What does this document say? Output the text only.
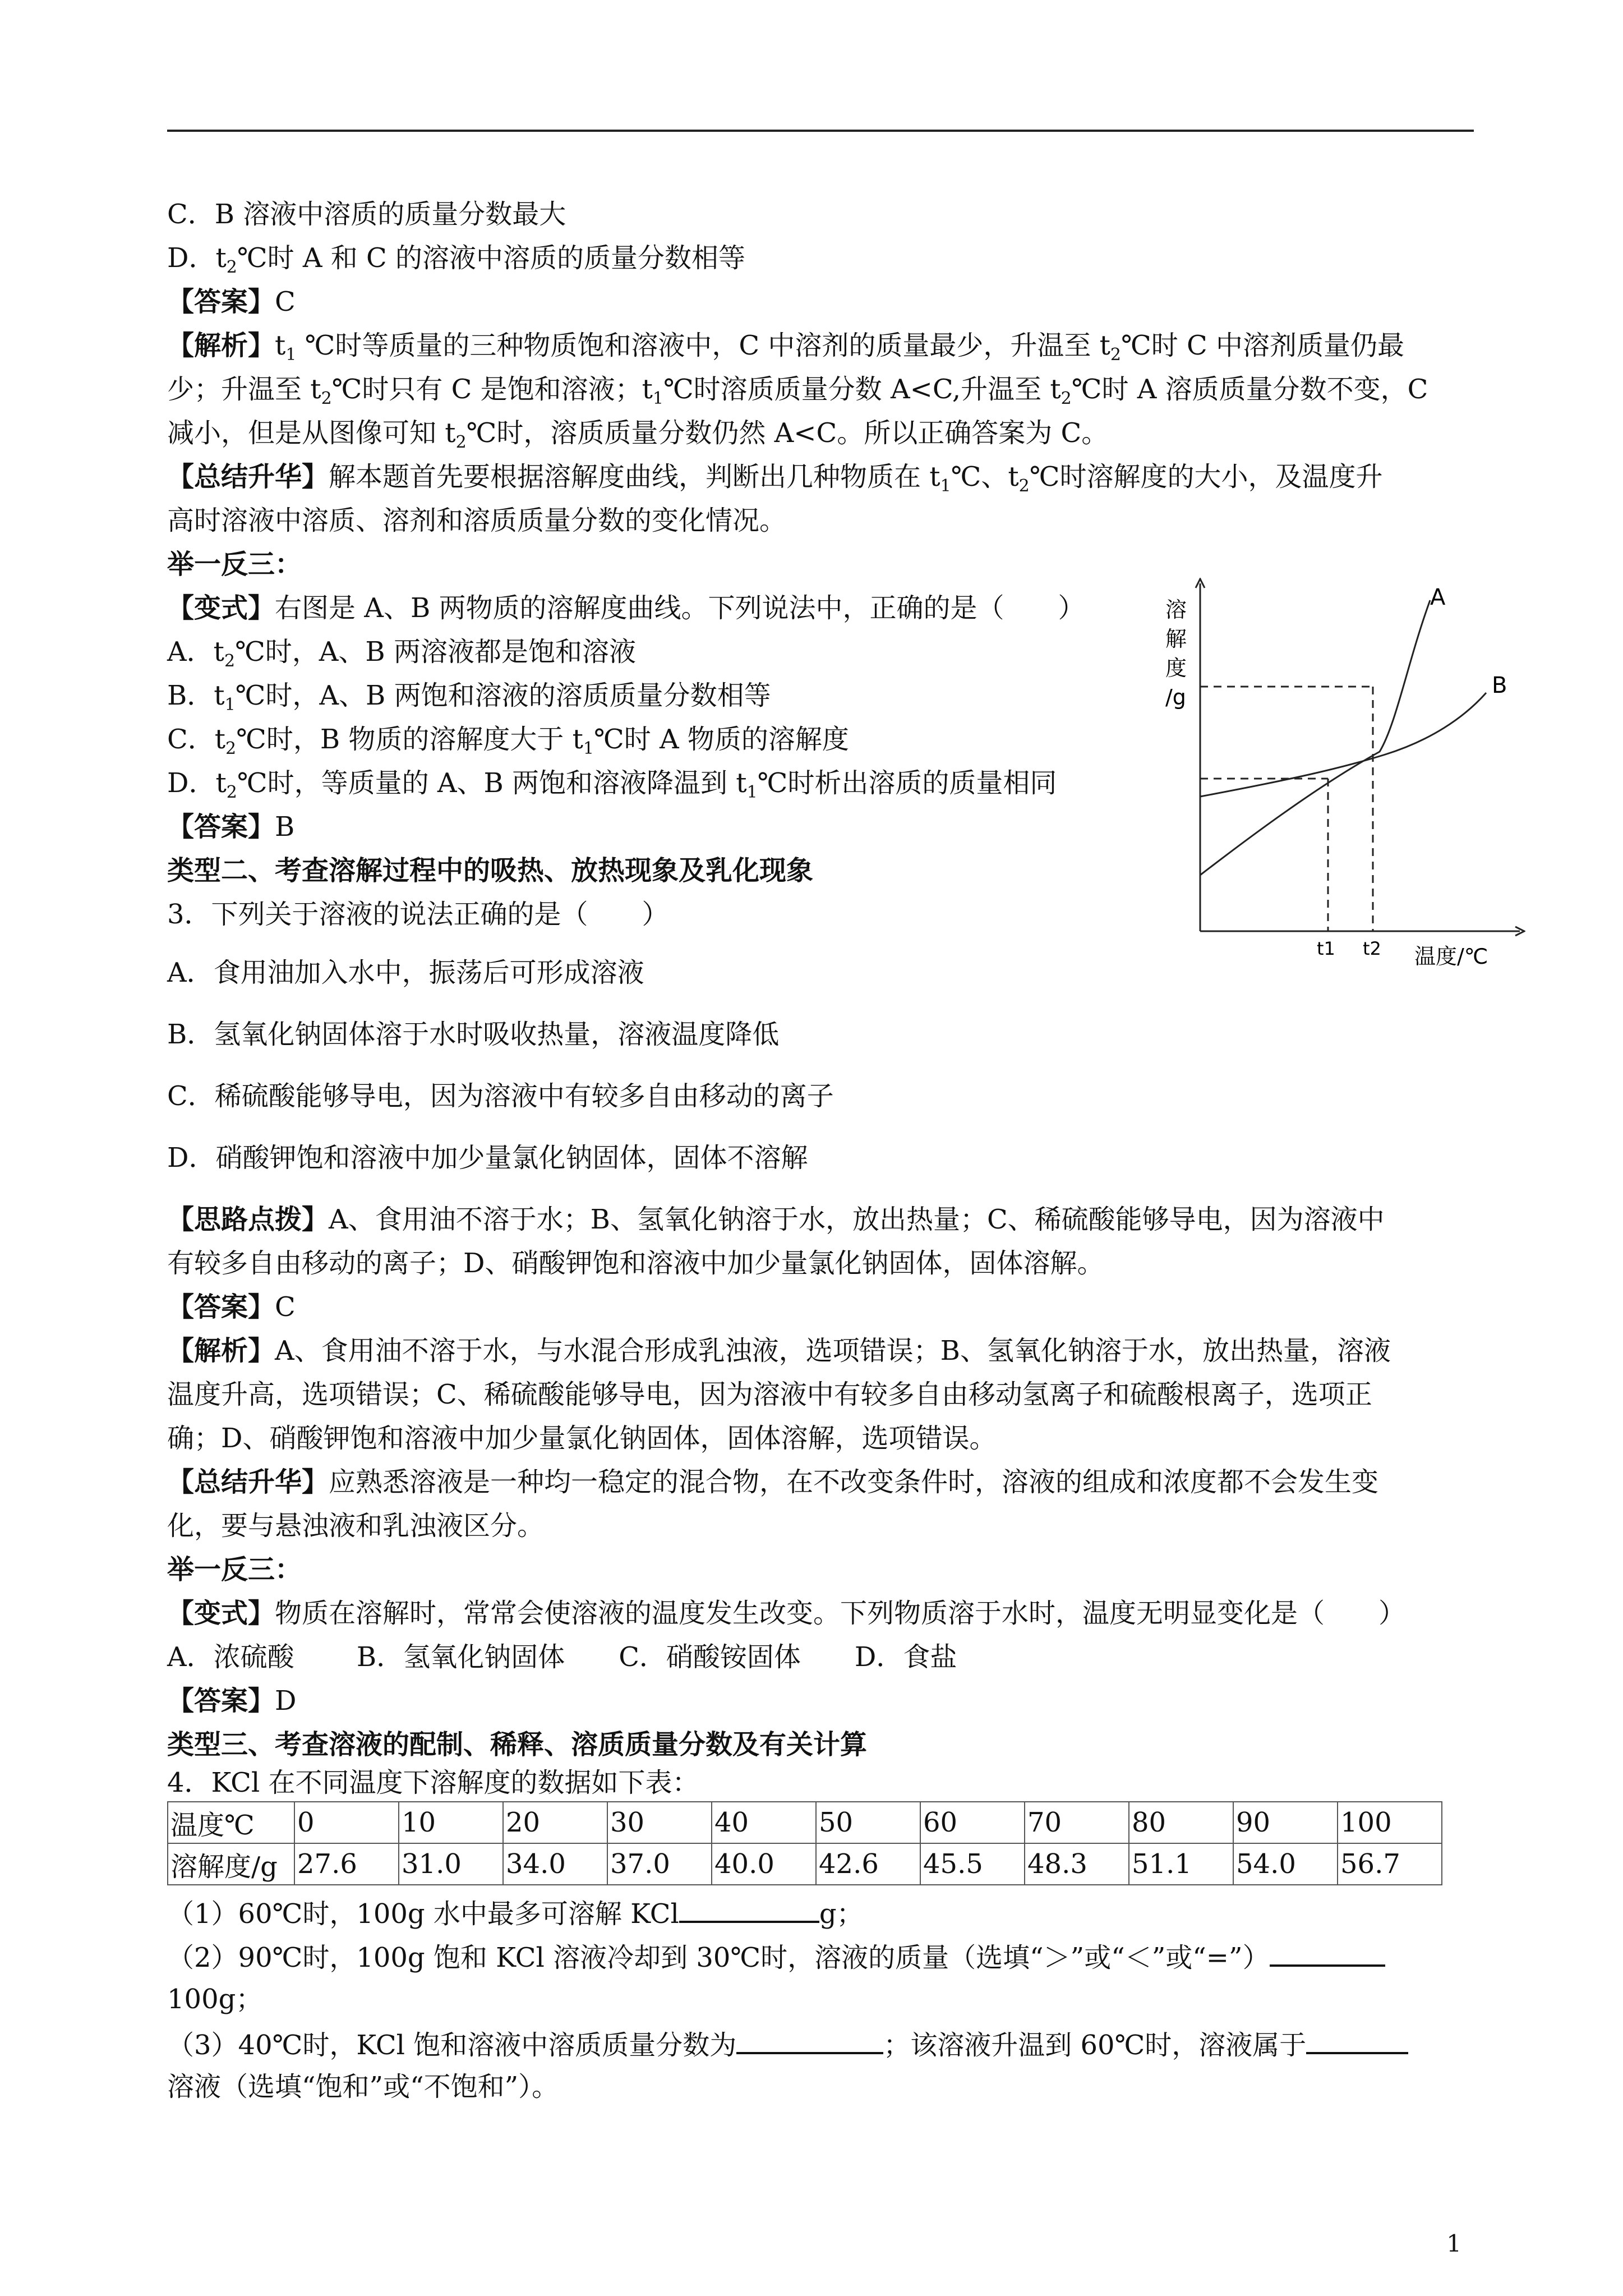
C．B 溶液中溶质的质量分数最大
D．$t_2℃$时 A 和 C 的溶液中溶质的质量分数相等
【答案】C
【解析】$t_1$ ℃时等质量的三种物质饱和溶液中，C 中溶剂的质量最少，升温至 $t_2℃$时 C 中溶剂质量仍最
少；升温至 $t_2℃$时只有 C 是饱和溶液；$t_1℃$时溶质质量分数 A<C,升温至 $t_2℃$时 A 溶质质量分数不变，C
减小，但是从图像可知 $t_2℃$时，溶质质量分数仍然 A<C。所以正确答案为 C。
【总结升华】解本题首先要根据溶解度曲线，判断出几种物质在 $t_1℃$、$t_2℃$时溶解度的大小，及温度升
高时溶液中溶质、溶剂和溶质质量分数的变化情况。
举一反三：
【变式】右图是 A、B 两物质的溶解度曲线。下列说法中，正确的是（　　）
A．$t_2℃$时，A、B 两溶液都是饱和溶液
B．$t_1℃$时，A、B 两饱和溶液的溶质质量分数相等
C．$t_2℃$时，B 物质的溶解度大于 $t_1℃$时 A 物质的溶解度
D．$t_2℃$时，等质量的 A、B 两饱和溶液降温到 $t_1℃$时析出溶质的质量相同
【答案】B
溶
解
度
/g
A
B
t1 t2 温度/℃
类型二、考查溶解过程中的吸热、放热现象及乳化现象
3．下列关于溶液的说法正确的是（　　）
A．食用油加入水中，振荡后可形成溶液
B．氢氧化钠固体溶于水时吸收热量，溶液温度降低
C．稀硫酸能够导电，因为溶液中有较多自由移动的离子
D．硝酸钾饱和溶液中加少量氯化钠固体，固体不溶解
【思路点拨】A、食用油不溶于水；B、氢氧化钠溶于水，放出热量；C、稀硫酸能够导电，因为溶液中
有较多自由移动的离子；D、硝酸钾饱和溶液中加少量氯化钠固体，固体溶解。
【答案】C
【解析】A、食用油不溶于水，与水混合形成乳浊液，选项错误；B、氢氧化钠溶于水，放出热量，溶液
温度升高，选项错误；C、稀硫酸能够导电，因为溶液中有较多自由移动氢离子和硫酸根离子，选项正
确；D、硝酸钾饱和溶液中加少量氯化钠固体，固体溶解，选项错误。
【总结升华】应熟悉溶液是一种均一稳定的混合物，在不改变条件时，溶液的组成和浓度都不会发生变
化，要与悬浊液和乳浊液区分。
举一反三：
【变式】物质在溶解时，常常会使溶液的温度发生改变。下列物质溶于水时，温度无明显变化是（　　）
A．浓硫酸　　 B．氢氧化钠固体　　C．硝酸铵固体　　D．食盐
【答案】D
类型三、考查溶液的配制、稀释、溶质质量分数及有关计算
4．KCl 在不同温度下溶解度的数据如下表：
温度℃	0	10	20	30	40	50	60	70	80	90	100
溶解度/g	27.6	31.0	34.0	37.0	40.0	42.6	45.5	48.3	51.1	54.0	56.7
（1）60℃时，100g 水中最多可溶解 KCl	g；
（2）90℃时，100g 饱和 KCl 溶液冷却到 30℃时，溶液的质量（选填“＞”或“＜”或“=”）
100g；
（3）40℃时，KCl 饱和溶液中溶质质量分数为	；该溶液升温到 60℃时，溶液属于
溶液（选填“饱和”或“不饱和”）。
1
